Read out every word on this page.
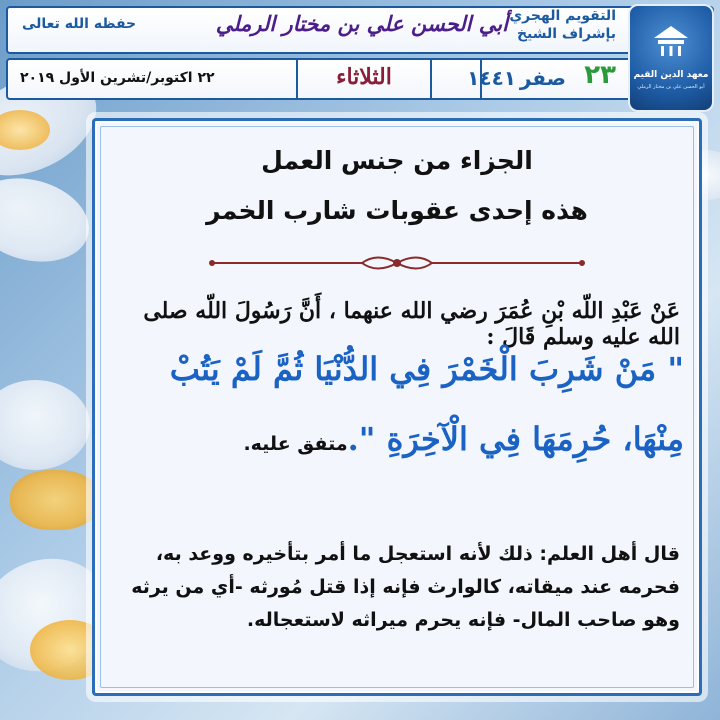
التقويم الهجري
بإشراف الشيخ
أبي الحسن علي بن مختار الرملي
حفظه الله تعالى
٢٣
صفر
١٤٤١
الثلاثاء
٢٢ اكتوبر/تشرين الأول ٢٠١٩	معهد الدين القيم
أبو الحسن علي بن مختار الرملي
الجزاء من جنس العمل
هذه إحدى عقوبات شارب الخمر
عَنْ عَبْدِ اللّه بْنِ عُمَرَ رضي الله عنهما ، أَنَّ رَسُولَ اللّه صلى الله عليه وسلم قَالَ :
" مَنْ شَرِبَ الْخَمْرَ فِي الدُّنْيَا ثُمَّ لَمْ يَتُبْ
مِنْهَا، حُرِمَهَا فِي الْآخِرَةِ ".متفق عليه.
قال أهل العلم: ذلك لأنه استعجل ما أمر بتأخيره ووعد به،
فحرمه عند ميقاته، كالوارث فإنه إذا قتل مُورثه -أي من يرثه
وهو صاحب المال- فإنه يحرم ميراثه لاستعجاله.
